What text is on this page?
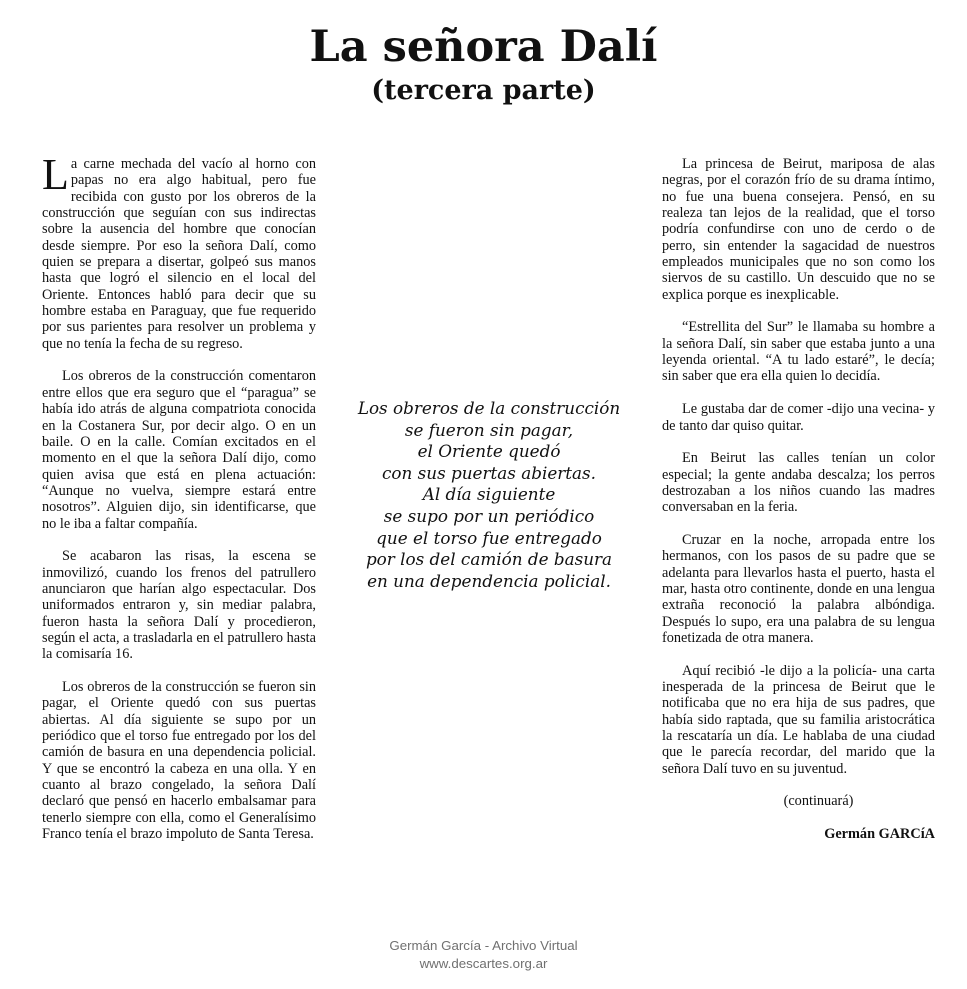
La señora Dalí
(tercera parte)

La carne mechada del vacío al horno con papas no era algo habitual, pero fue recibida con gusto por los obreros de la construcción que seguían con sus indirectas sobre la ausencia del hombre que conocían desde siempre. Por eso la señora Dalí, como quien se prepara a disertar, golpeó sus manos hasta que logró el silencio en el local del Oriente. Entonces habló para decir que su hombre estaba en Paraguay, que fue requerido por sus parientes para resolver un problema y que no tenía la fecha de su regreso.

Los obreros de la construcción comentaron entre ellos que era seguro que el “paragua” se había ido atrás de alguna compatriota conocida en la Costanera Sur, por decir algo. O en un baile. O en la calle. Comían excitados en el momento en el que la señora Dalí dijo, como quien avisa que está en plena actuación: “Aunque no vuelva, siempre estará entre nosotros”. Alguien dijo, sin identificarse, que no le iba a faltar compañía.

Se acabaron las risas, la escena se inmovilizó, cuando los frenos del patrullero anunciaron que harían algo espectacular. Dos uniformados entraron y, sin mediar palabra, fueron hasta la señora Dalí y procedieron, según el acta, a trasladarla en el patrullero hasta la comisaría 16.

Los obreros de la construcción se fueron sin pagar, el Oriente quedó con sus puertas abiertas. Al día siguiente se supo por un periódico que el torso fue entregado por los del camión de basura en una dependencia policial. Y que se encontró la cabeza en una olla. Y en cuanto al brazo congelado, la señora Dalí declaró que pensó en hacerlo embalsamar para tenerlo siempre con ella, como el Generalísimo Franco tenía el brazo impoluto de Santa Teresa.

Los obreros de la construcción
se fueron sin pagar,
el Oriente quedó
con sus puertas abiertas.
Al día siguiente
se supo por un periódico
que el torso fue entregado
por los del camión de basura
en una dependencia policial.

La princesa de Beirut, mariposa de alas negras, por el corazón frío de su drama íntimo, no fue una buena consejera. Pensó, en su realeza tan lejos de la realidad, que el torso podría confundirse con uno de cerdo o de perro, sin entender la sagacidad de nuestros empleados municipales que no son como los siervos de su castillo. Un descuido que no se explica porque es inexplicable.

“Estrellita del Sur” le llamaba su hombre a la señora Dalí, sin saber que estaba junto a una leyenda oriental. “A tu lado estaré”, le decía; sin saber que era ella quien lo decidía.

Le gustaba dar de comer -dijo una vecina- y de tanto dar quiso quitar.

En Beirut las calles tenían un color especial; la gente andaba descalza; los perros destrozaban a los niños cuando las madres conversaban en la feria.

Cruzar en la noche, arropada entre los hermanos, con los pasos de su padre que se adelanta para llevarlos hasta el puerto, hasta el mar, hasta otro continente, donde en una lengua extraña reconoció la palabra albóndiga. Después lo supo, era una palabra de su lengua fonetizada de otra manera.

Aquí recibió -le dijo a la policía- una carta inesperada de la princesa de Beirut que le notificaba que no era hija de sus padres, que había sido raptada, que su familia aristocrática la rescataría un día. Le hablaba de una ciudad que le parecía recordar, del marido que la señora Dalí tuvo en su juventud.

(continuará)

Germán GARCíA

Germán García - Archivo Virtual
www.descartes.org.ar
